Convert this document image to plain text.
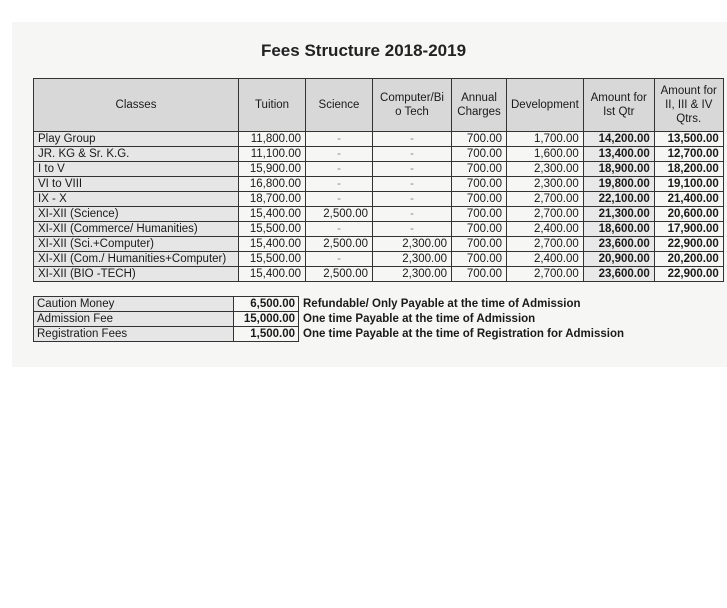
Fees Structure 2018-2019
Classes	Tuition	Science	Computer/Bi o Tech	Annual Charges	Development	Amount for Ist Qtr	Amount for II, III & IV Qtrs.
Play Group	11,800.00	-	-	700.00	1,700.00	14,200.00	13,500.00
JR. KG & Sr. K.G.	11,100.00	-	-	700.00	1,600.00	13,400.00	12,700.00
I to V	15,900.00	-	-	700.00	2,300.00	18,900.00	18,200.00
VI to VIII	16,800.00	-	-	700.00	2,300.00	19,800.00	19,100.00
IX - X	18,700.00	-	-	700.00	2,700.00	22,100.00	21,400.00
XI-XII (Science)	15,400.00	2,500.00	-	700.00	2,700.00	21,300.00	20,600.00
XI-XII (Commerce/ Humanities)	15,500.00	-	-	700.00	2,400.00	18,600.00	17,900.00
XI-XII (Sci.+Computer)	15,400.00	2,500.00	2,300.00	700.00	2,700.00	23,600.00	22,900.00
XI-XII (Com./ Humanities+Computer)	15,500.00	-	2,300.00	700.00	2,400.00	20,900.00	20,200.00
XI-XII (BIO -TECH)	15,400.00	2,500.00	2,300.00	700.00	2,700.00	23,600.00	22,900.00
Caution Money	6,500.00	Refundable/ Only Payable at the time of Admission
Admission Fee	15,000.00	One time Payable at the time of Admission
Registration Fees	1,500.00	One time Payable at the time of Registration for Admission
